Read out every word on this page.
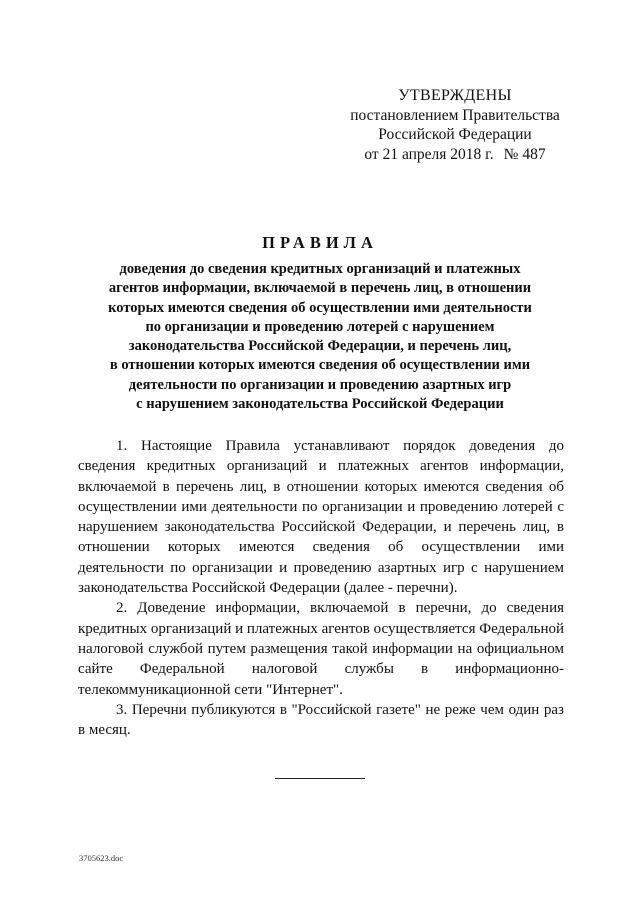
УТВЕРЖДЕНЫ
постановлением Правительства
Российской Федерации
от 21 апреля 2018 г. № 487
ПРАВИЛА
доведения до сведения кредитных организаций и платежных
агентов информации, включаемой в перечень лиц, в отношении
которых имеются сведения об осуществлении ими деятельности
по организации и проведению лотерей с нарушением
законодательства Российской Федерации, и перечень лиц,
в отношении которых имеются сведения об осуществлении ими
деятельности по организации и проведению азартных игр
с нарушением законодательства Российской Федерации

1. Настоящие Правила устанавливают порядок доведения до сведения кредитных организаций и платежных агентов информации, включаемой в перечень лиц, в отношении которых имеются сведения об осуществлении ими деятельности по организации и проведению лотерей с нарушением законодательства Российской Федерации, и перечень лиц, в отношении которых имеются сведения об осуществлении ими деятельности по организации и проведению азартных игр с нарушением законодательства Российской Федерации (далее - перечни).

2. Доведение информации, включаемой в перечни, до сведения кредитных организаций и платежных агентов осуществляется Федеральной налоговой службой путем размещения такой информации на официальном сайте Федеральной налоговой службы в информационно-телекоммуникационной сети "Интернет".

3. Перечни публикуются в "Российской газете" не реже чем один раз в месяц.

3705623.doc
